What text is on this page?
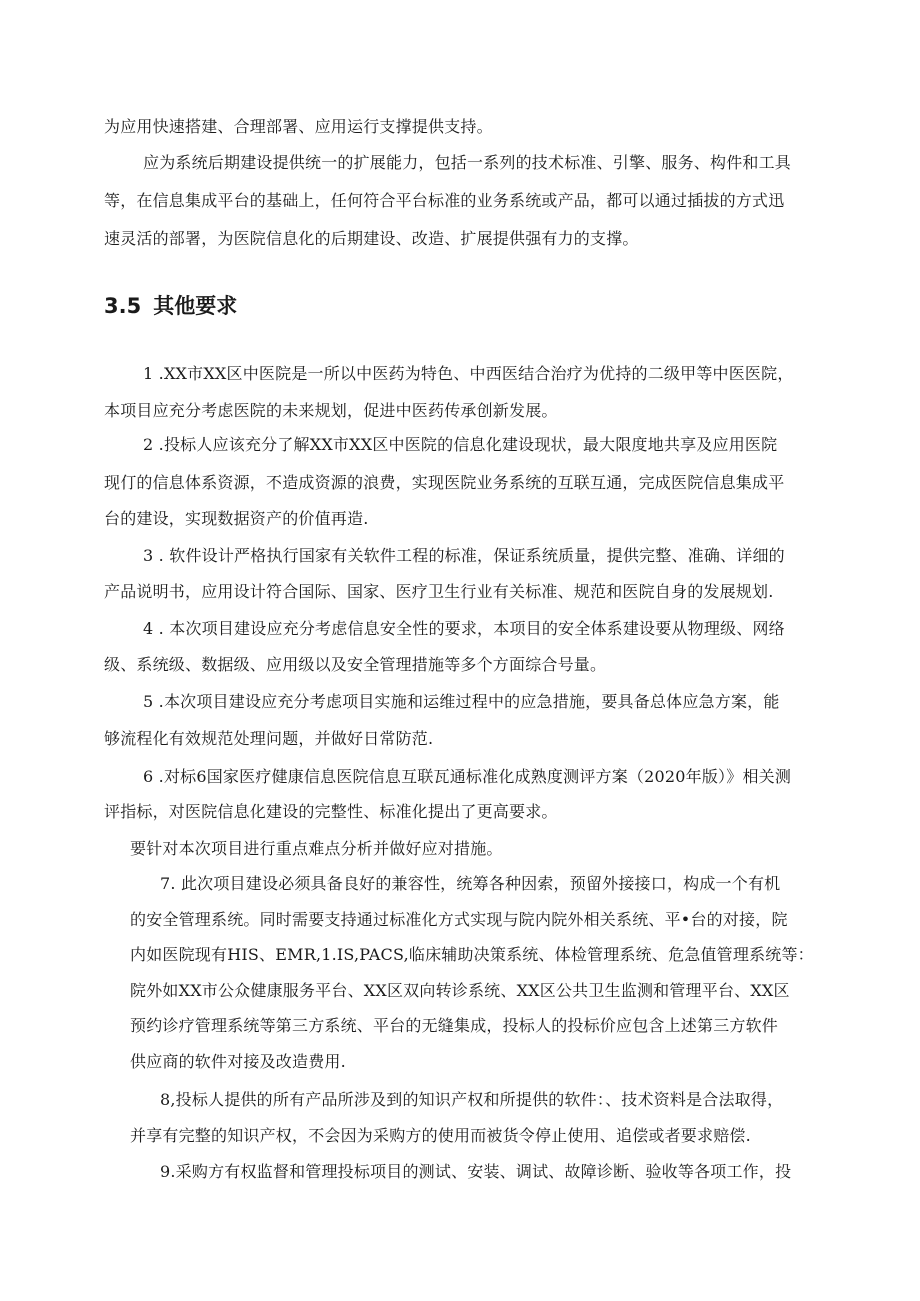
为应用快速搭建、合理部署、应用运行支撑提供支持。
应为系统后期建设提供统一的扩展能力，包括一系列的技术标准、引擎、服务、构件和工具
等，在信息集成平台的基础上，任何符合平台标准的业务系统或产品，都可以通过插拔的方式迅
速灵活的部署，为医院信息化的后期建设、改造、扩展提供强有力的支撑。
3.5 其他要求
1 .XX市XX区中医院是一所以中医药为特色、中西医结合治疗为优持的二级甲等中医医院，
本项目应充分考虑医院的未来规划，促进中医药传承创新发展。
2 .投标人应该充分了解XX市XX区中医院的信息化建设现状，最大限度地共享及应用医院
现仃的信息体系资源，不造成资源的浪费，实现医院业务系统的互联互通，完成医院信息集成平
台的建设，实现数据资产的价值再造.
3 . 软件设计严格执行国家有关软件工程的标准，保证系统质量，提供完整、准确、详细的
产品说明书，应用设计符合国际、国家、医疗卫生行业有关标准、规范和医院自身的发展规划.
4 . 本次项目建设应充分考虑信息安全性的要求，本项目的安全体系建设要从物理级、网络
级、系统级、数据级、应用级以及安全管理措施等多个方面综合号量。
5 .本次项目建设应充分考虑项目实施和运维过程中的应急措施，要具备总体应急方案，能
够流程化有效规范处理问题，并做好日常防范.
6 .对标6国家医疗健康信息医院信息互联瓦通标准化成熟度测评方案（2020年版）》相关测
评指标，对医院信息化建设的完整性、标准化提出了更高要求。
要针对本次项目进行重点难点分析并做好应对措施。
7. 此次项目建设必须具备良好的兼容性，统筹各种因索，预留外接接口，构成一个有机
的安全管理系统。同时需要支持通过标准化方式实现与院内院外相关系统、平•台的对接，院
内如医院现有HIS、EMR,1.IS,PACS,临床辅助决策系统、体检管理系统、危急值管理系统等：
院外如XX市公众健康服务平台、XX区双向转诊系统、XX区公共卫生监测和管理平台、XX区
预约诊疗管理系统等第三方系统、平台的无缝集成，投标人的投标价应包含上述第三方软件
供应商的软件对接及改造费用.
8,投标人提供的所有产品所涉及到的知识产权和所提供的软件：、技术资料是合法取得，
并享有完整的知识产权，不会因为采购方的使用而被货令停止使用、追偿或者要求赔偿.
9.采购方有权监督和管理投标项目的测试、安装、调试、故障诊断、验收等各项工作，投
